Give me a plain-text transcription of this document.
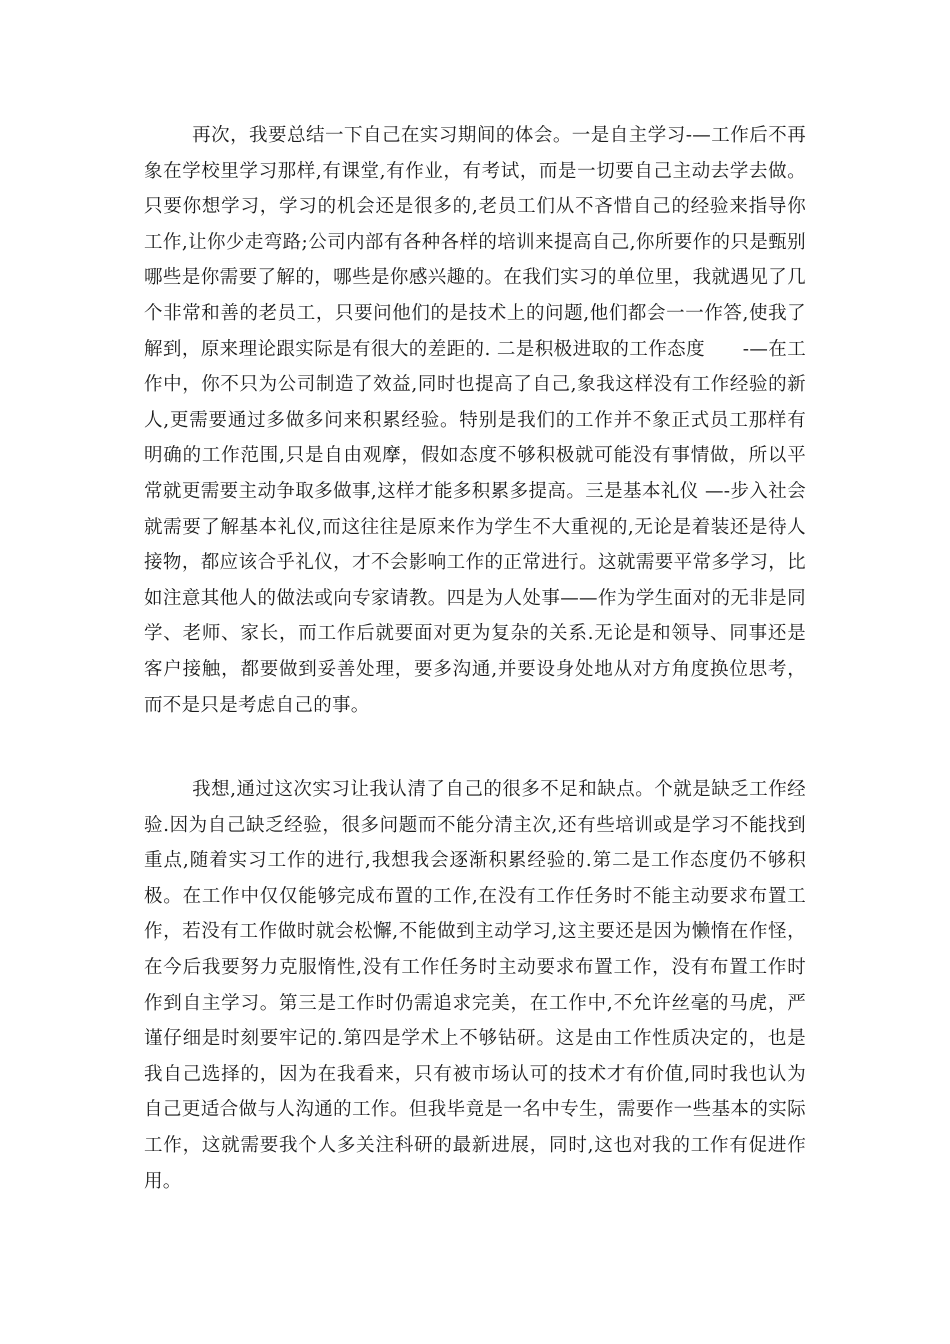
再次，我要总结一下自己在实习期间的体会。一是自主学习-—工作后不再象在学校里学习那样,有课堂,有作业，有考试，而是一切要自己主动去学去做。只要你想学习，学习的机会还是很多的,老员工们从不吝惜自己的经验来指导你工作,让你少走弯路;公司内部有各种各样的培训来提高自己,你所要作的只是甄别哪些是你需要了解的，哪些是你感兴趣的。在我们实习的单位里，我就遇见了几个非常和善的老员工，只要问他们的是技术上的问题,他们都会一一作答,使我了解到，原来理论跟实际是有很大的差距的. 二是积极进取的工作态度　　-—在工作中，你不只为公司制造了效益,同时也提高了自己,象我这样没有工作经验的新人,更需要通过多做多问来积累经验。特别是我们的工作并不象正式员工那样有明确的工作范围,只是自由观摩，假如态度不够积极就可能没有事情做，所以平常就更需要主动争取多做事,这样才能多积累多提高。三是基本礼仪 —-步入社会就需要了解基本礼仪,而这往往是原来作为学生不大重视的,无论是着装还是待人接物，都应该合乎礼仪，才不会影响工作的正常进行。这就需要平常多学习，比如注意其他人的做法或向专家请教。四是为人处事——作为学生面对的无非是同学、老师、家长，而工作后就要面对更为复杂的关系.无论是和领导、同事还是客户接触，都要做到妥善处理，要多沟通,并要设身处地从对方角度换位思考，而不是只是考虑自己的事。

我想,通过这次实习让我认清了自己的很多不足和缺点。个就是缺乏工作经验.因为自己缺乏经验，很多问题而不能分清主次,还有些培训或是学习不能找到重点,随着实习工作的进行,我想我会逐渐积累经验的.第二是工作态度仍不够积极。在工作中仅仅能够完成布置的工作,在没有工作任务时不能主动要求布置工作，若没有工作做时就会松懈,不能做到主动学习,这主要还是因为懒惰在作怪，在今后我要努力克服惰性,没有工作任务时主动要求布置工作，没有布置工作时作到自主学习。第三是工作时仍需追求完美，在工作中,不允许丝毫的马虎，严谨仔细是时刻要牢记的.第四是学术上不够钻研。这是由工作性质决定的，也是我自己选择的，因为在我看来，只有被市场认可的技术才有价值,同时我也认为自己更适合做与人沟通的工作。但我毕竟是一名中专生，需要作一些基本的实际工作，这就需要我个人多关注科研的最新进展，同时,这也对我的工作有促进作用。
